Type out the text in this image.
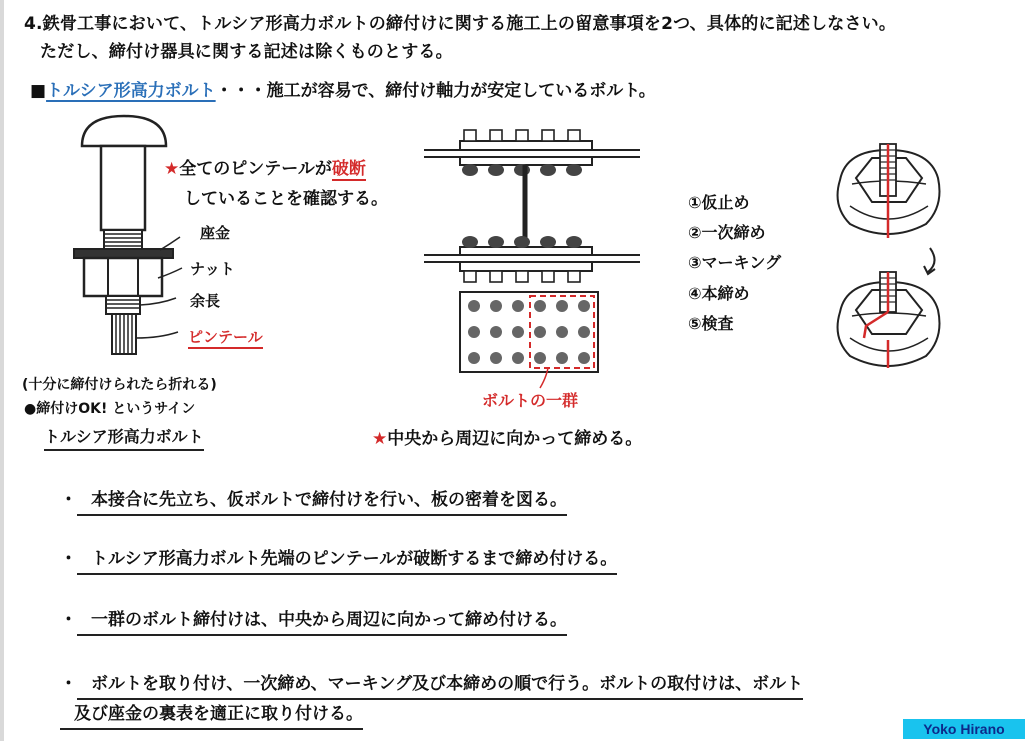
4.鉄骨工事において、トルシア形高力ボルトの締付けに関する施工上の留意事項を2つ、具体的に記述しなさい。
ただし、締付け器具に関する記述は除くものとする。
■トルシア形高力ボルト・・・施工が容易で、締付け軸力が安定しているボルト。
座金
ナット
余長
ピンテール
(十分に締付けられたら折れる)
●締付けOK! というサイン
トルシア形高力ボルト
★全てのピンテールが破断
していることを確認する。
ボルトの一群
★中央から周辺に向かって締める。
①仮止め
②一次締め
③マーキング
④本締め
⑤検査
・ 本接合に先立ち、仮ボルトで締付けを行い、板の密着を図る。
・ トルシア形高力ボルト先端のピンテールが破断するまで締め付ける。
・ 一群のボルト締付けは、中央から周辺に向かって締め付ける。
・ ボルトを取り付け、一次締め、マーキング及び本締めの順で行う。ボルトの取付けは、ボルト
及び座金の裏表を適正に取り付ける。
Yoko Hirano
